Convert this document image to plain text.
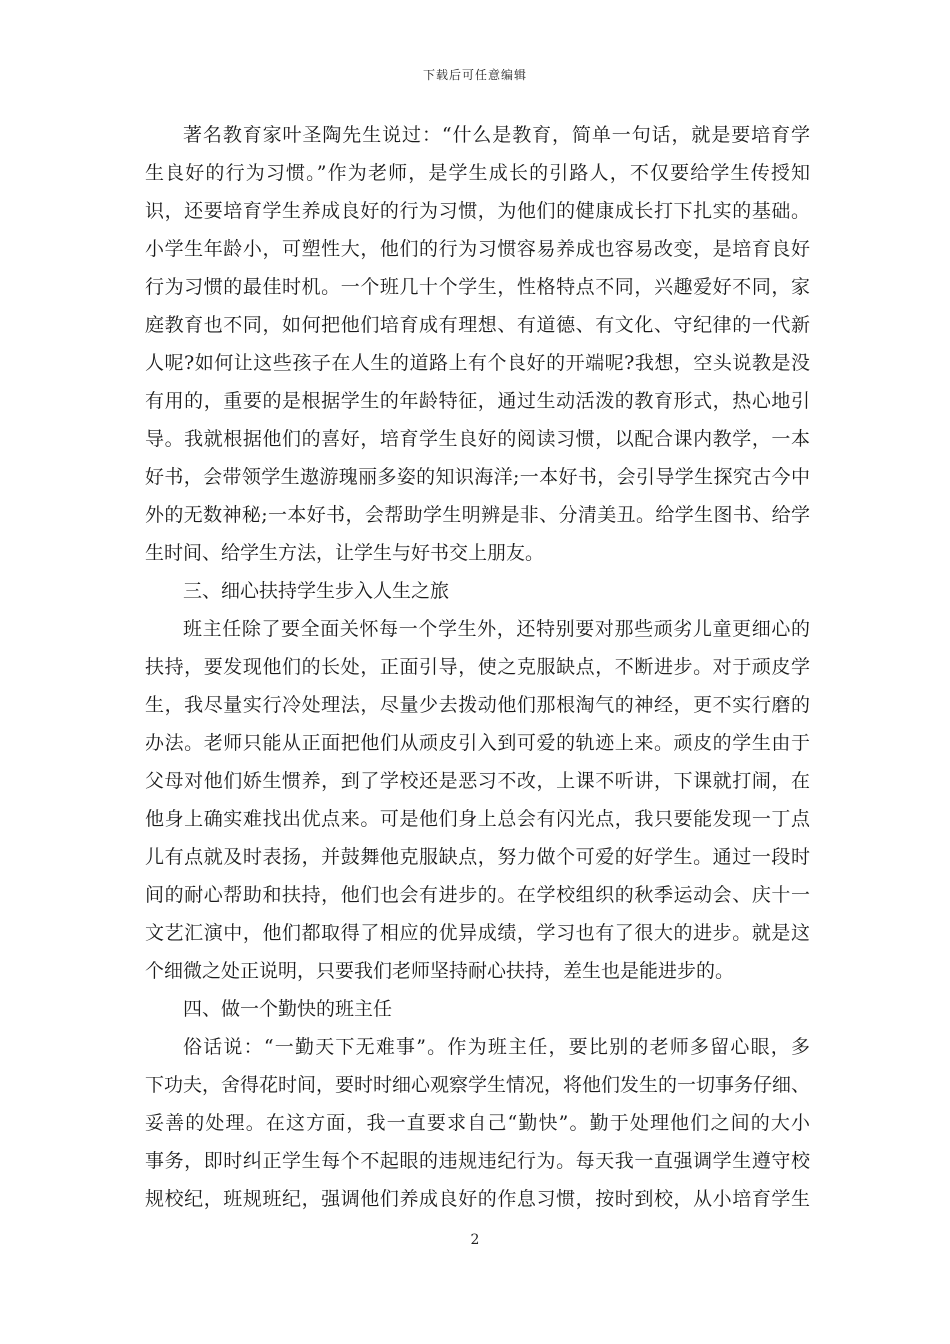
下载后可任意编辑
著名教育家叶圣陶先生说过：“什么是教育，简单一句话，就是要培育学
生良好的行为习惯。”作为老师，是学生成长的引路人，不仅要给学生传授知
识，还要培育学生养成良好的行为习惯，为他们的健康成长打下扎实的基础。
小学生年龄小，可塑性大，他们的行为习惯容易养成也容易改变，是培育良好
行为习惯的最佳时机。一个班几十个学生，性格特点不同，兴趣爱好不同，家
庭教育也不同，如何把他们培育成有理想、有道德、有文化、守纪律的一代新
人呢?如何让这些孩子在人生的道路上有个良好的开端呢?我想，空头说教是没
有用的，重要的是根据学生的年龄特征，通过生动活泼的教育形式，热心地引
导。我就根据他们的喜好，培育学生良好的阅读习惯，以配合课内教学，一本
好书，会带领学生遨游瑰丽多姿的知识海洋;一本好书，会引导学生探究古今中
外的无数神秘;一本好书，会帮助学生明辨是非、分清美丑。给学生图书、给学
生时间、给学生方法，让学生与好书交上朋友。
三、细心扶持学生步入人生之旅
班主任除了要全面关怀每一个学生外，还特别要对那些顽劣儿童更细心的
扶持，要发现他们的长处，正面引导，使之克服缺点，不断进步。对于顽皮学
生，我尽量实行冷处理法，尽量少去拨动他们那根淘气的神经，更不实行磨的
办法。老师只能从正面把他们从顽皮引入到可爱的轨迹上来。顽皮的学生由于
父母对他们娇生惯养，到了学校还是恶习不改，上课不听讲，下课就打闹，在
他身上确实难找出优点来。可是他们身上总会有闪光点，我只要能发现一丁点
儿有点就及时表扬，并鼓舞他克服缺点，努力做个可爱的好学生。通过一段时
间的耐心帮助和扶持，他们也会有进步的。在学校组织的秋季运动会、庆十一
文艺汇演中，他们都取得了相应的优异成绩，学习也有了很大的进步。就是这
个细微之处正说明，只要我们老师坚持耐心扶持，差生也是能进步的。
四、做一个勤快的班主任
俗话说：“一勤天下无难事”。作为班主任，要比别的老师多留心眼，多
下功夫，舍得花时间，要时时细心观察学生情况，将他们发生的一切事务仔细、
妥善的处理。在这方面，我一直要求自己“勤快”。勤于处理他们之间的大小
事务，即时纠正学生每个不起眼的违规违纪行为。每天我一直强调学生遵守校
规校纪，班规班纪，强调他们养成良好的作息习惯，按时到校，从小培育学生
2
